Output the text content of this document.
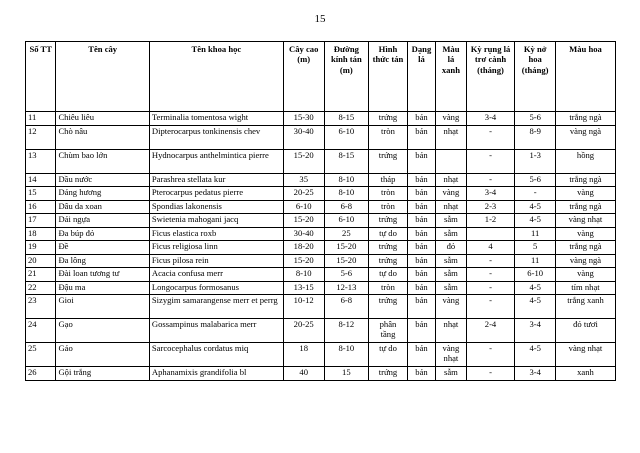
15
Số TT	Tên cây	Tên khoa học	Cây cao (m)	Đường kính tán (m)	Hình thức tán	Dạng lá	Màu lá xanh	Kỳ rụng lá trơ cành (tháng)	Kỳ nở hoa (tháng)	Màu hoa
11	Chiêu liêu	Terminalia tomentosa wight	15-30	8-15	trứng	bản	vàng	3-4	5-6	trắng ngà
12	Chò nâu	Dipterocarpus tonkinensis chev	30-40	6-10	tròn	bản	nhạt	-	8-9	vàng ngà
13	Chùm bao lớn	Hydnocarpus anthelmintica pierre	15-20	8-15	trứng	bản		-	1-3	hồng
14	Dầu nước	Parashrea stellata kur	35	8-10	tháp	bản	nhạt	-	5-6	trắng ngà
15	Dáng hương	Pterocarpus pedatus pierre	20-25	8-10	tròn	bản	vàng	3-4	-	vàng
16	Dâu da xoan	Spondias lakonensis	6-10	6-8	tròn	bản	nhạt	2-3	4-5	trắng ngà
17	Dái ngựa	Swietenia mahogani jacq	15-20	6-10	trứng	bản	sẫm	1-2	4-5	vàng nhạt
18	Đa búp đỏ	Ficus elastica roxb	30-40	25	tự do	bản	sẫm		11	vàng
19	Đề	Ficus religiosa linn	18-20	15-20	trứng	bản	đỏ	4	5	trắng ngà
20	Đa lông	Ficus pilosa rein	15-20	15-20	trứng	bản	sẫm	-	11	vàng ngà
21	Đài loan tương tư	Acacia confusa merr	8-10	5-6	tự do	bản	sẫm	-	6-10	vàng
22	Đậu ma	Longocarpus formosanus	13-15	12-13	tròn	bản	sẫm	-	4-5	tím nhạt
23	Gioi	Sizygim samarangense merr et perrg	10-12	6-8	trứng	bản	vàng	-	4-5	trắng xanh
24	Gạo	Gossampinus malabarica merr	20-25	8-12	phân tầng	bản	nhạt	2-4	3-4	đỏ tươi
25	Gáo	Sarcocephalus cordatus miq	18	8-10	tự do	bản	vàng nhạt	-	4-5	vàng nhạt
26	Gội trắng	Aphanamixis grandifolia bl	40	15	trứng	bản	sẫm	-	3-4	xanh
